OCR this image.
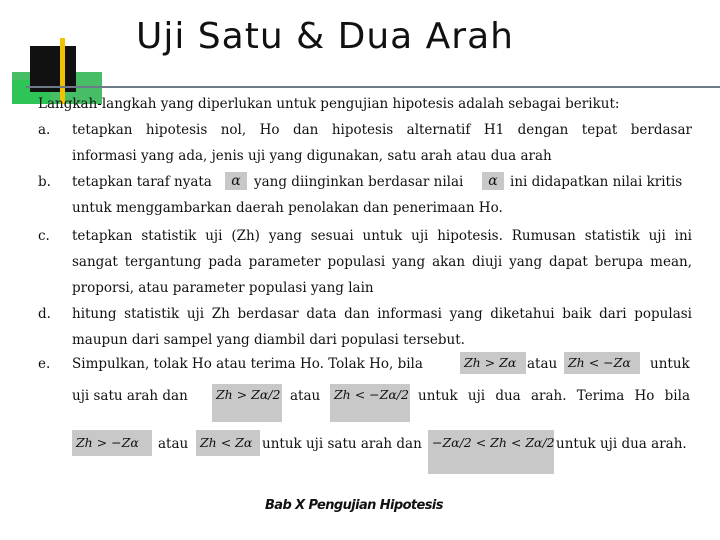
Uji Satu & Dua Arah
Langkah-langkah yang diperlukan untuk pengujian hipotesis adalah sebagai berikut:
a. tetapkan hipotesis nol, Ho dan hipotesis alternatif H1 dengan tepat berdasar
informasi yang ada, jenis uji yang digunakan, satu arah atau dua arah
b. tetapkan taraf nyata	α yang diinginkan berdasar nilai	α ini didapatkan nilai kritis
untuk menggambarkan daerah penolakan dan penerimaan Ho.
c. tetapkan statistik uji (Zh) yang sesuai untuk uji hipotesis. Rumusan statistik uji ini
sangat tergantung pada parameter populasi yang akan diuji yang dapat berupa mean,
proporsi, atau parameter populasi yang lain
d. hitung statistik uji Zh berdasar data dan informasi yang diketahui baik dari populasi
maupun dari sampel yang diambil dari populasi tersebut.
e. Simpulkan, tolak Ho atau terima Ho. Tolak Ho, bila	Zh > Zα atau Zh < −Zα	untuk
uji satu arah dan	Zh > Zα/2 atau	Zh < −Zα/2 untuk uji dua arah. Terima Ho bila
Zh > −Zα	atau Zh < Zα untuk uji satu arah dan −Zα/2 < Zh < Zα/2 untuk uji dua arah.
Bab X Pengujian Hipotesis
